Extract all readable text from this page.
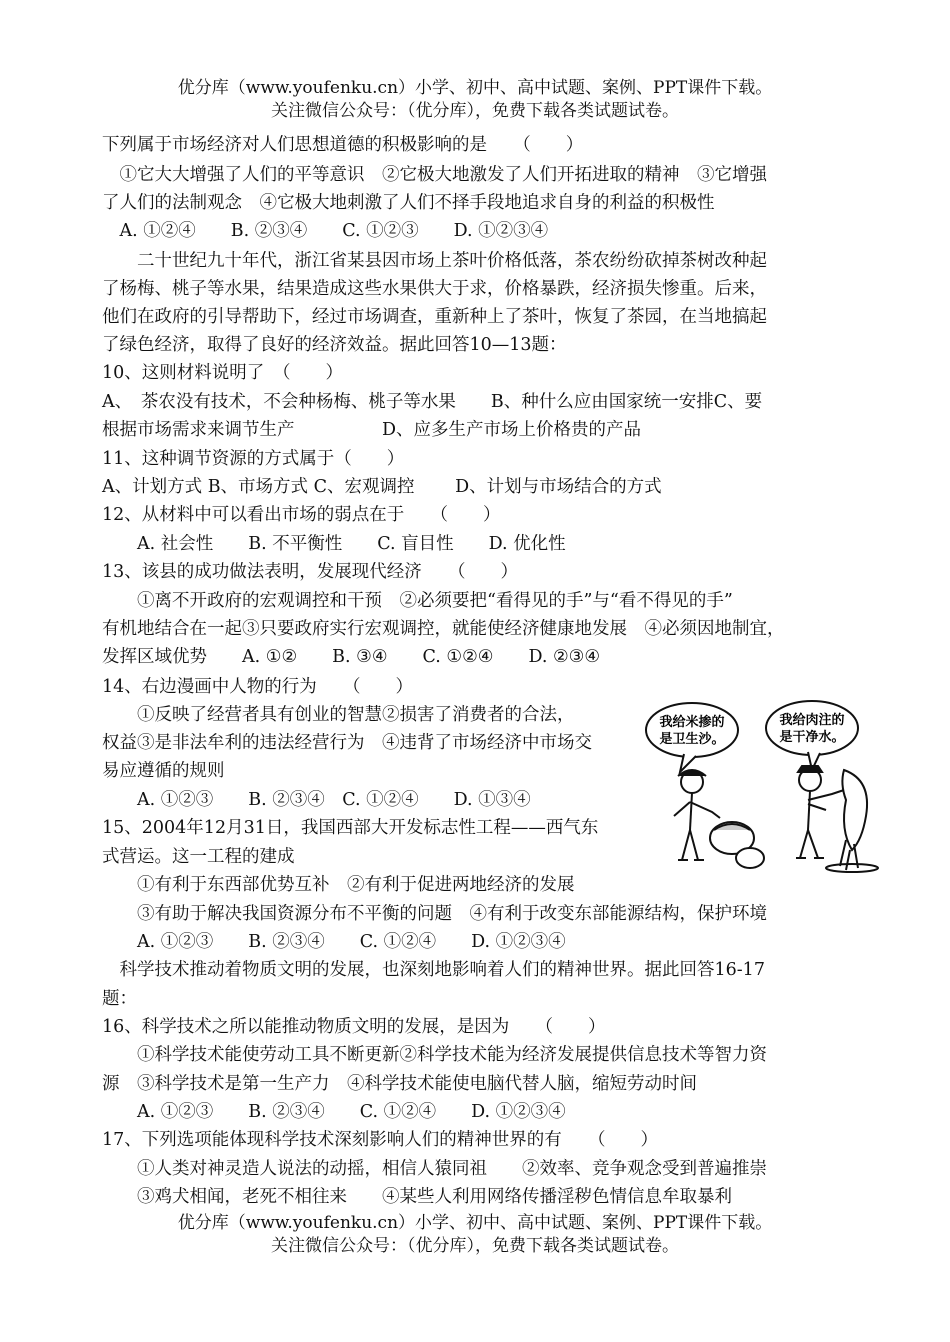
优分库（www.youfenku.cn）小学、初中、高中试题、案例、PPT课件下载。
关注微信公众号：（优分库），免费下载各类试题试卷。
下列属于市场经济对人们思想道德的积极影响的是　　（　　）
　①它大大增强了人们的平等意识　②它极大地激发了人们开拓进取的精神　③它增强
了人们的法制观念　④它极大地刺激了人们不择手段地追求自身的利益的积极性
　A. ①②④　　B. ②③④　　C. ①②③　　D. ①②③④
　　二十世纪九十年代，浙江省某县因市场上茶叶价格低落，茶农纷纷砍掉茶树改种起
了杨梅、桃子等水果，结果造成这些水果供大于求，价格暴跌，经济损失惨重。后来，
他们在政府的引导帮助下，经过市场调查，重新种上了茶叶，恢复了茶园，在当地搞起
了绿色经济，取得了良好的经济效益。据此回答10—13题：
10、这则材料说明了　（　　）
A、　茶农没有技术，不会种杨梅、桃子等水果　　B、种什么应由国家统一安排C、要
根据市场需求来调节生产　　　　　D、应多生产市场上价格贵的产品
11、这种调节资源的方式属于（　　）
A、计划方式 B、市场方式 C、宏观调控　　 D、计划与市场结合的方式
12、从材料中可以看出市场的弱点在于　　（　　）
　　A. 社会性　　B. 不平衡性　　C. 盲目性　　D. 优化性
13、该县的成功做法表明，发展现代经济　　（　　）
　　①离不开政府的宏观调控和干预　②必须要把“看得见的手”与“看不得见的手”
有机地结合在一起③只要政府实行宏观调控，就能使经济健康地发展　④必须因地制宜，
发挥区域优势　　A. ①②　　B. ③④　　C. ①②④　　D. ②③④
14、右边漫画中人物的行为　　（　　）
　　①反映了经营者具有创业的智慧②损害了消费者的合法，
权益③是非法牟利的违法经营行为　④违背了市场经济中市场交
易应遵循的规则
　　A. ①②③　　B. ②③④　C. ①②④　　D. ①③④
15、2004年12月31日，我国西部大开发标志性工程——西气东
式营运。这一工程的建成
　　①有利于东西部优势互补　②有利于促进两地经济的发展
　　③有助于解决我国资源分布不平衡的问题　④有利于改变东部能源结构，保护环境
　　A. ①②③　　B. ②③④　　C. ①②④　　D. ①②③④
　科学技术推动着物质文明的发展，也深刻地影响着人们的精神世界。据此回答16-17
题：
16、科学技术之所以能推动物质文明的发展，是因为　　（　　）
　　①科学技术能使劳动工具不断更新②科学技术能为经济发展提供信息技术等智力资
源　③科学技术是第一生产力　④科学技术能使电脑代替人脑，缩短劳动时间
　　A. ①②③　　B. ②③④　　C. ①②④　　D. ①②③④
17、下列选项能体现科学技术深刻影响人们的精神世界的有　　（　　）
　　①人类对神灵造人说法的动摇，相信人猿同祖　　②效率、竞争观念受到普遍推崇
　　③鸡犬相闻，老死不相往来　　④某些人利用网络传播淫秽色情信息牟取暴利
我给米掺的
是卫生沙。
我给肉注的
是干净水。
优分库（www.youfenku.cn）小学、初中、高中试题、案例、PPT课件下载。
关注微信公众号：（优分库），免费下载各类试题试卷。
